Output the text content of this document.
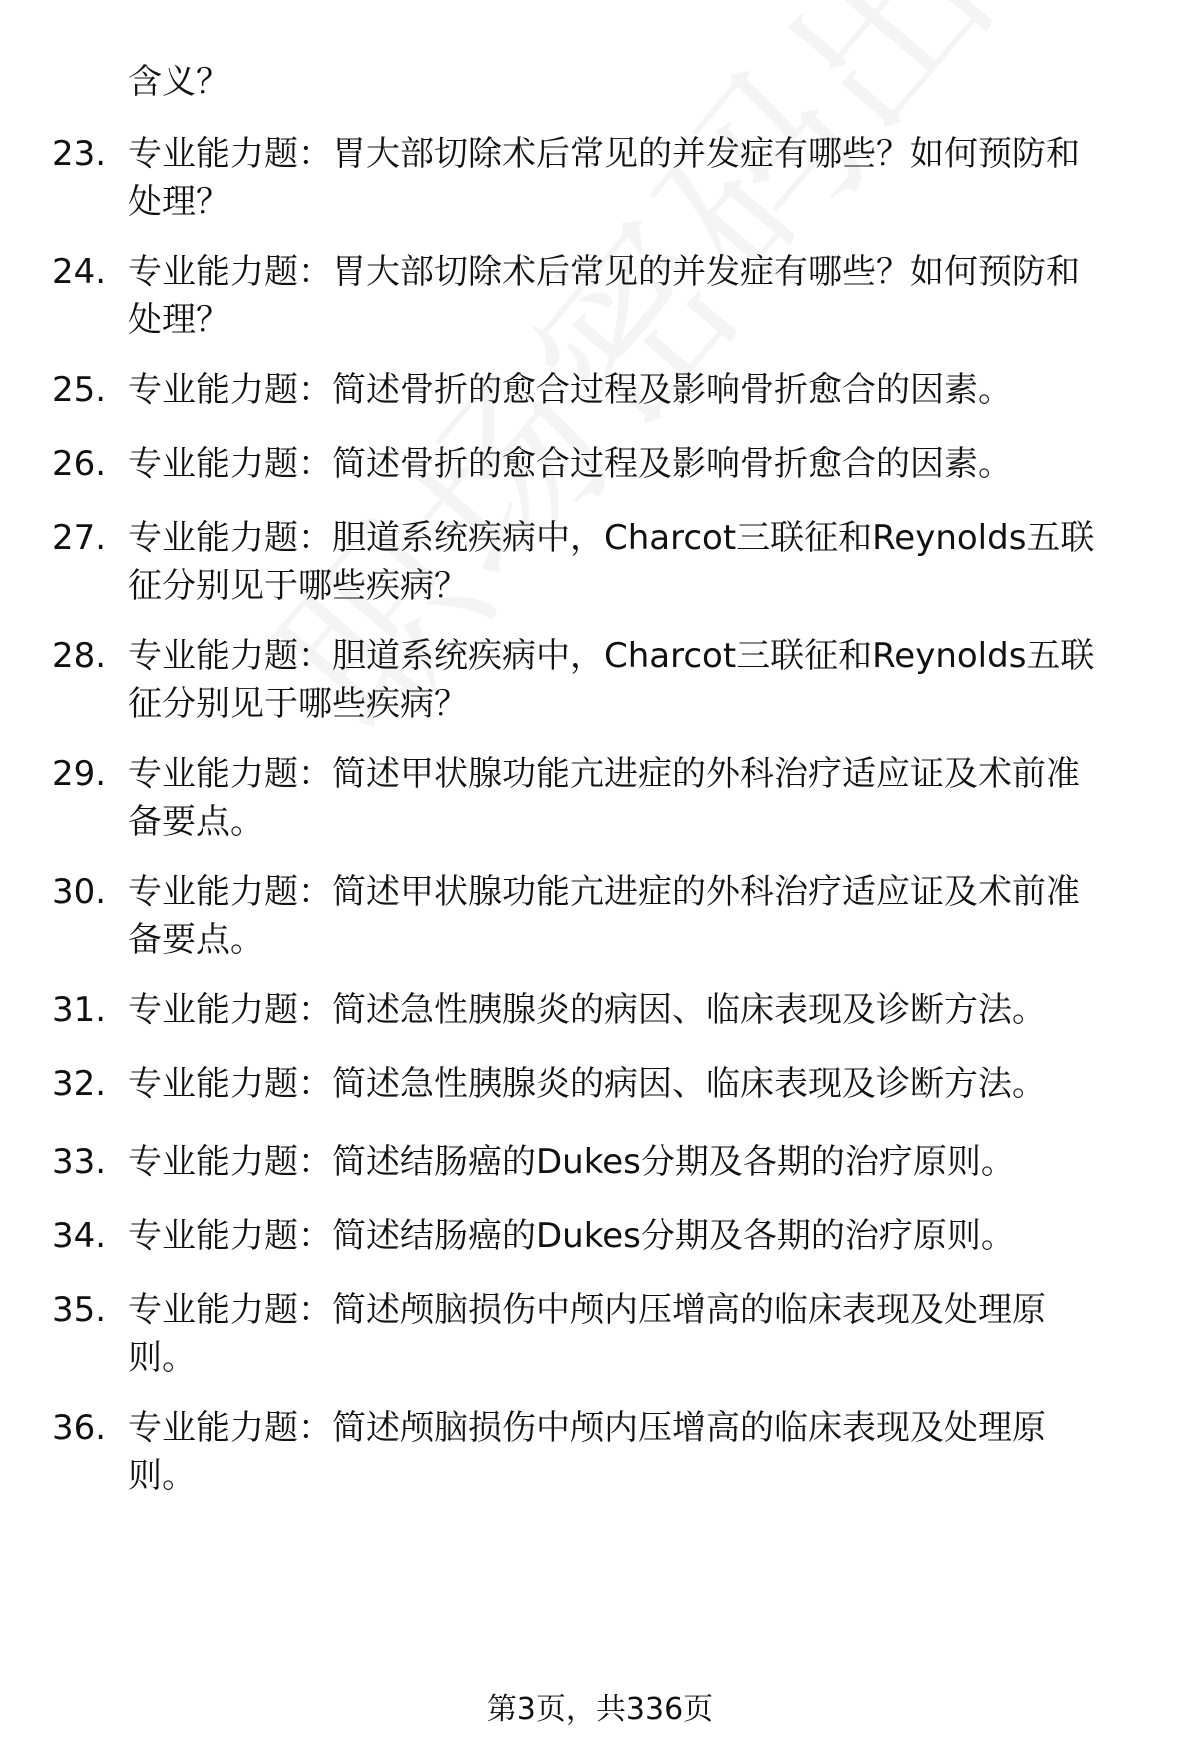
含义？
23. 专业能力题：胃大部切除术后常见的并发症有哪些？如何预防和
处理？
24. 专业能力题：胃大部切除术后常见的并发症有哪些？如何预防和
处理？
25. 专业能力题：简述骨折的愈合过程及影响骨折愈合的因素。
26. 专业能力题：简述骨折的愈合过程及影响骨折愈合的因素。
27. 专业能力题：胆道系统疾病中，Charcot三联征和Reynolds五联
征分别见于哪些疾病？
28. 专业能力题：胆道系统疾病中，Charcot三联征和Reynolds五联
征分别见于哪些疾病？
29. 专业能力题：简述甲状腺功能亢进症的外科治疗适应证及术前准
备要点。
30. 专业能力题：简述甲状腺功能亢进症的外科治疗适应证及术前准
备要点。
31. 专业能力题：简述急性胰腺炎的病因、临床表现及诊断方法。
32. 专业能力题：简述急性胰腺炎的病因、临床表现及诊断方法。
33. 专业能力题：简述结肠癌的Dukes分期及各期的治疗原则。
34. 专业能力题：简述结肠癌的Dukes分期及各期的治疗原则。
35. 专业能力题：简述颅脑损伤中颅内压增高的临床表现及处理原
则。
36. 专业能力题：简述颅脑损伤中颅内压增高的临床表现及处理原
则。
第3页，共336页
